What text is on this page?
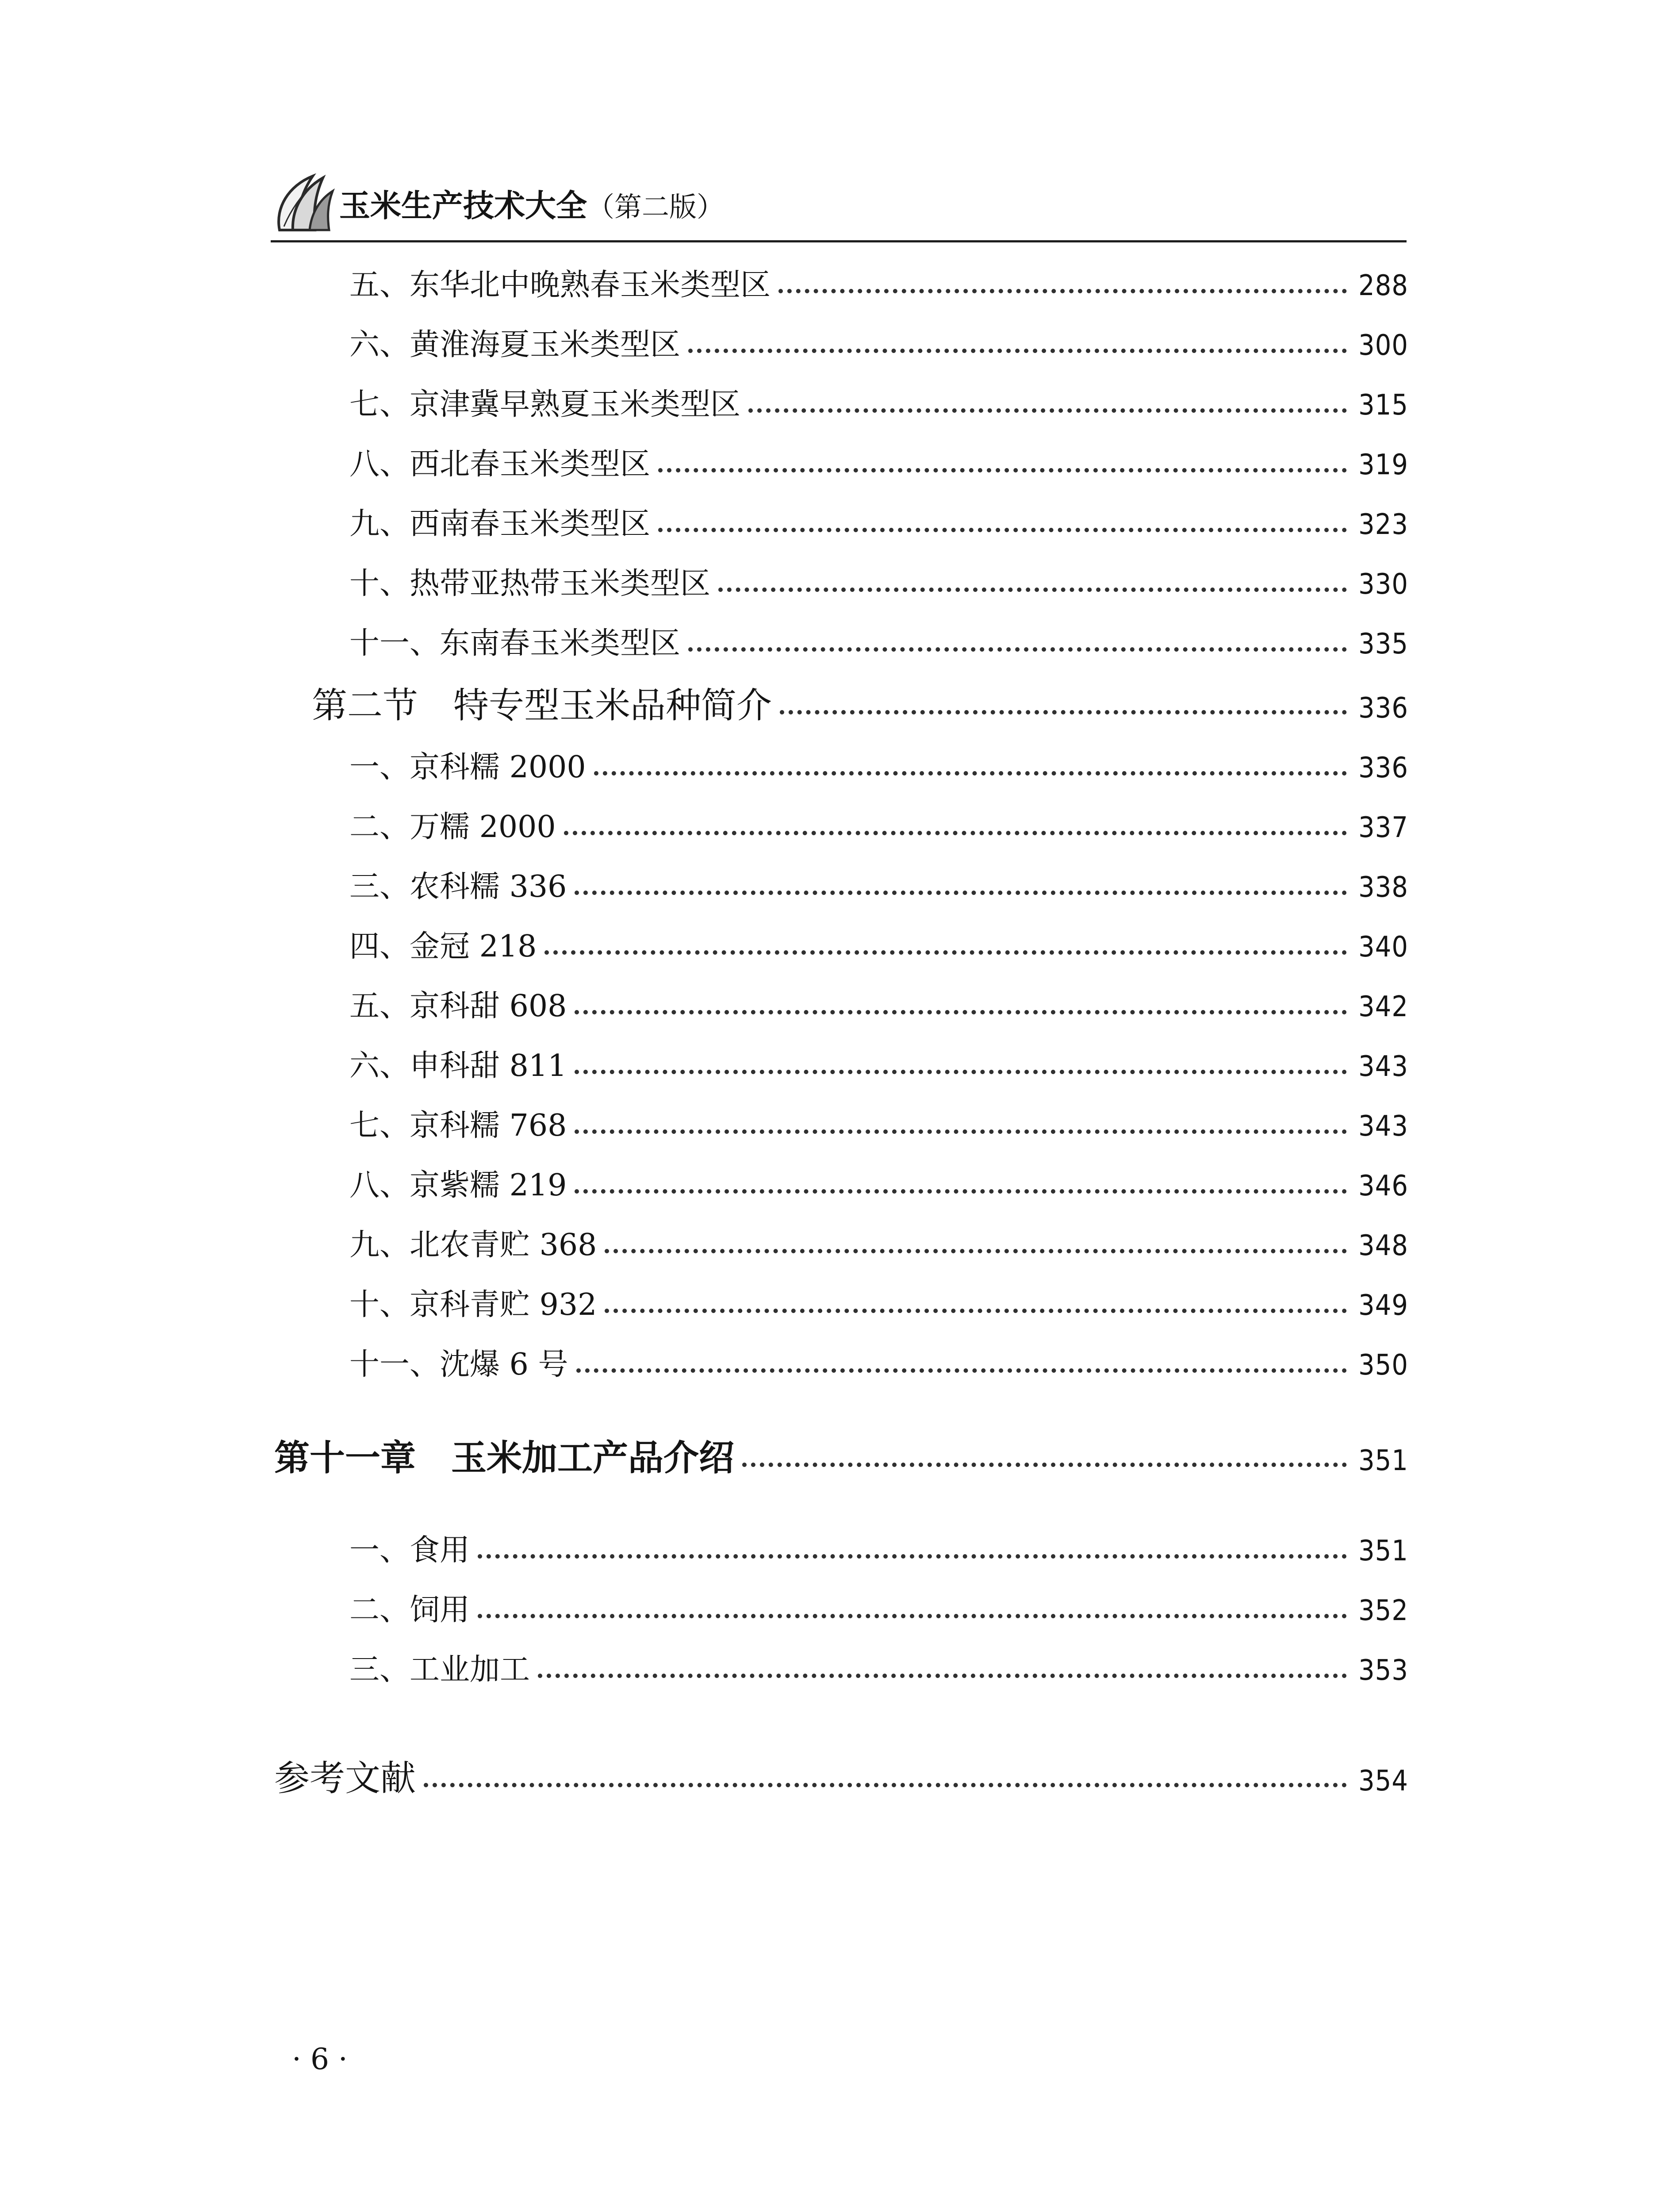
玉米生产技术大全（第二版）
五、东华北中晚熟春玉米类型区	288
六、黄淮海夏玉米类型区	300
七、京津冀早熟夏玉米类型区	315
八、西北春玉米类型区	319
九、西南春玉米类型区	323
十、热带亚热带玉米类型区	330
十一、东南春玉米类型区	335
第二节　特专型玉米品种简介	336
一、京科糯 2000	336
二、万糯 2000	337
三、农科糯 336	338
四、金冠 218	340
五、京科甜 608	342
六、申科甜 811	343
七、京科糯 768	343
八、京紫糯 219	346
九、北农青贮 368	348
十、京科青贮 932	349
十一、沈爆 6 号	350
第十一章　玉米加工产品介绍	351
一、食用	351
二、饲用	352
三、工业加工	353
参考文献	354
· 6 ·
